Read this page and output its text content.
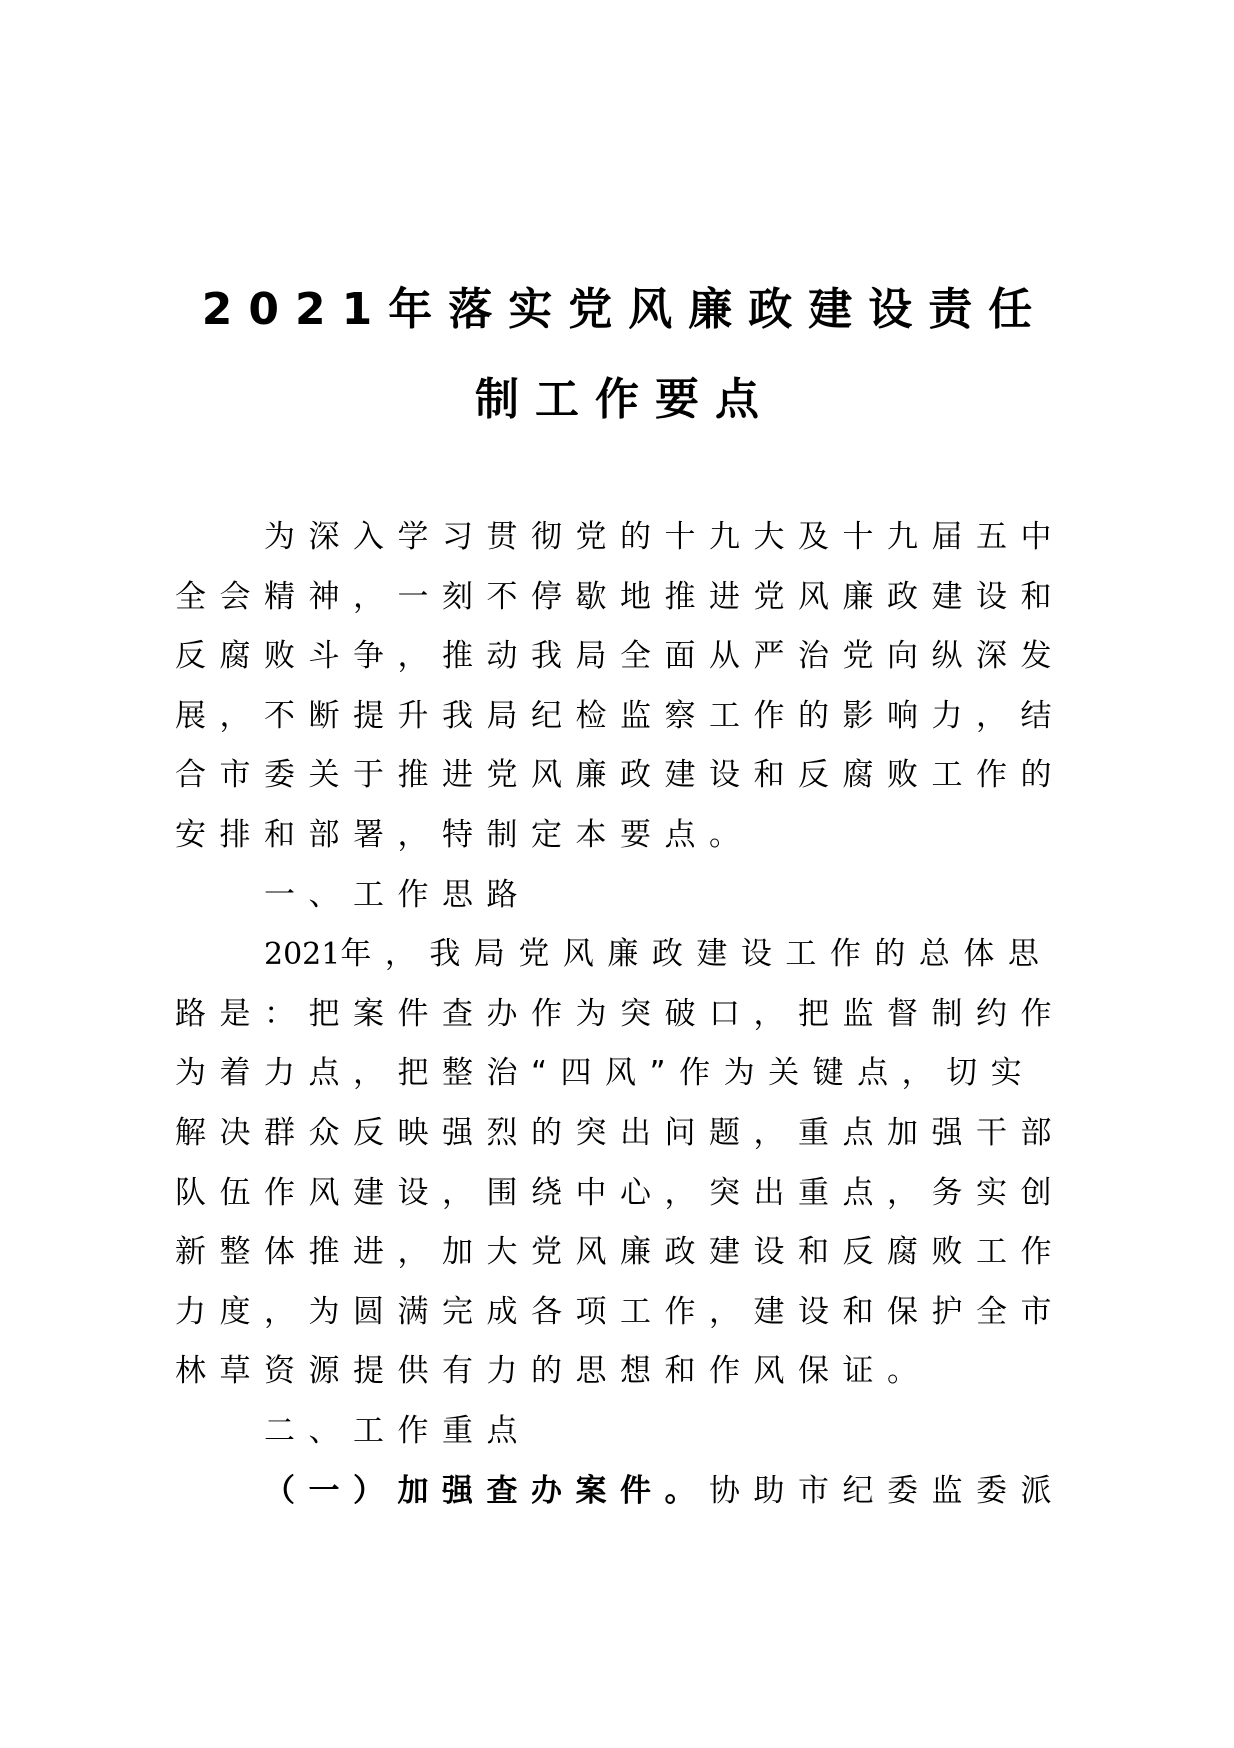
2021年落实党风廉政建设责任
制工作要点

为深入学习贯彻党的十九大及十九届五中全会精神，一刻不停歇地推进党风廉政建设和反腐败斗争，推动我局全面从严治党向纵深发展，不断提升我局纪检监察工作的影响力，结合市委关于推进党风廉政建设和反腐败工作的安排和部署，特制定本要点。

一、工作思路

2021年，我局党风廉政建设工作的总体思路是：把案件查办作为突破口，把监督制约作为着力点，把整治“四风”作为关键点，切实解决群众反映强烈的突出问题，重点加强干部队伍作风建设，围绕中心，突出重点，务实创新整体推进，加大党风廉政建设和反腐败工作力度，为圆满完成各项工作，建设和保护全市林草资源提供有力的思想和作风保证。

二、工作重点

（一）加强查办案件。协助市纪委监委派
